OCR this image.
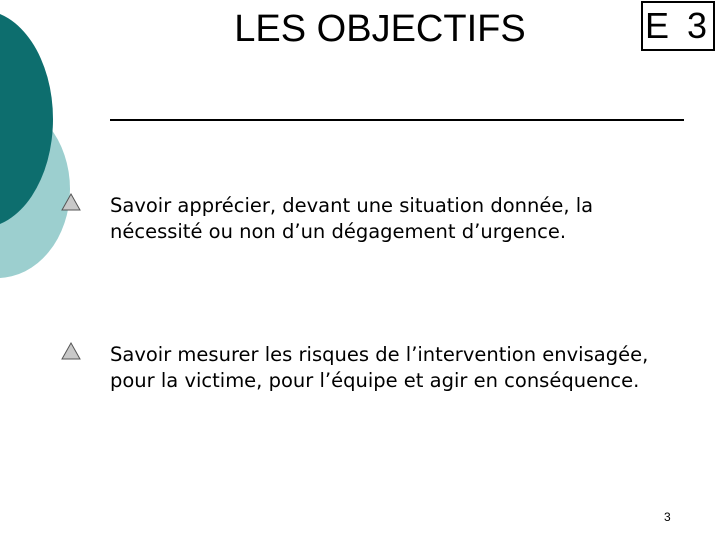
LES OBJECTIFS	E 3

Savoir apprécier, devant une situation donnée, la nécessité ou non d’un dégagement d’urgence.

Savoir mesurer les risques de l’intervention envisagée, pour la victime, pour l’équipe et agir en conséquence.

3
